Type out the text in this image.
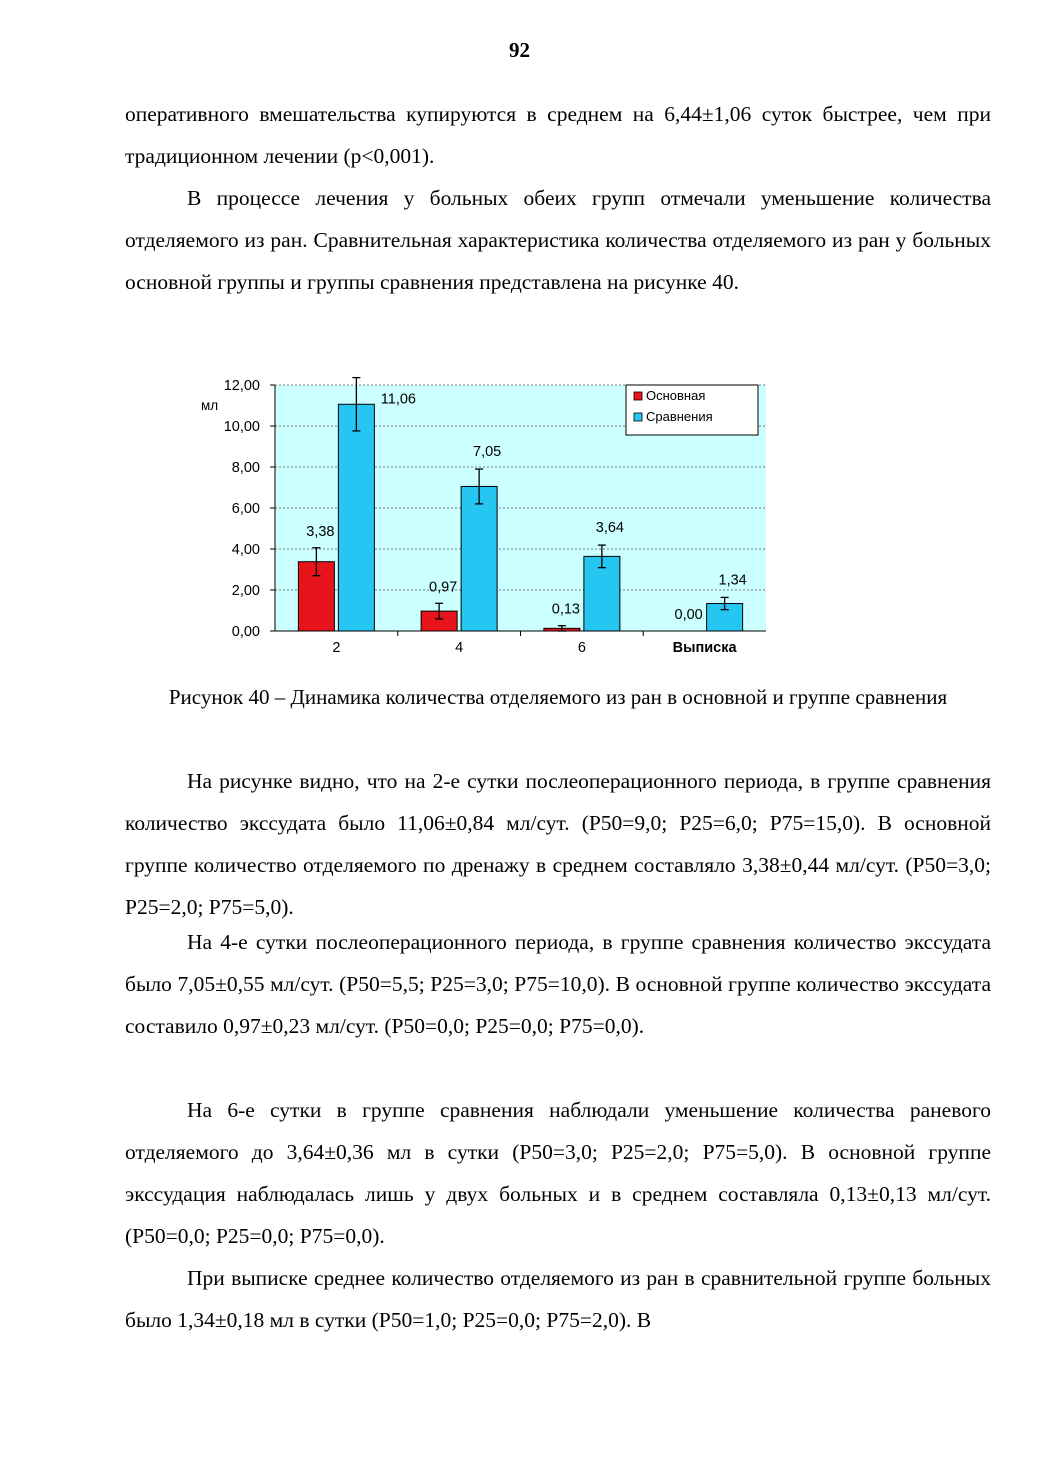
92

оперативного вмешательства купируются в среднем на 6,44±1,06 суток быстрее, чем при традиционном лечении (р<0,001).

В процессе лечения у больных обеих групп отмечали уменьшение количества отделяемого из ран. Сравнительная характеристика количества отделяемого из ран у больных основной группы и группы сравнения представлена на рисунке 40.

0,00
2,00
4,00
6,00
8,00
10,00
12,00
мл
2
3,38
11,06
4
0,97
7,05
6
0,13
3,64
Выписка
0,00
1,34
Основная
Сравнения
Рисунок 40 – Динамика количества отделяемого из ран в основной и группе сравнения

На рисунке видно, что на 2-е сутки послеоперационного периода, в группе сравнения количество экссудата было 11,06±0,84 мл/сут. (P50=9,0; P25=6,0; P75=15,0). В основной группе количество отделяемого по дренажу в среднем составляло 3,38±0,44 мл/сут. (P50=3,0; P25=2,0; P75=5,0).

На 4-е сутки послеоперационного периода, в группе сравнения количество экссудата было 7,05±0,55 мл/сут. (P50=5,5; P25=3,0; P75=10,0). В основной группе количество экссудата составило 0,97±0,23 мл/сут. (P50=0,0; P25=0,0; P75=0,0).

На 6-е сутки в группе сравнения наблюдали уменьшение количества раневого отделяемого до 3,64±0,36 мл в сутки (P50=3,0; P25=2,0; P75=5,0). В основной группе экссудация наблюдалась лишь у двух больных и в среднем составляла 0,13±0,13 мл/сут. (P50=0,0; P25=0,0; P75=0,0).

При выписке среднее количество отделяемого из ран в сравнительной группе больных было 1,34±0,18 мл в сутки (P50=1,0; P25=0,0; P75=2,0). В
